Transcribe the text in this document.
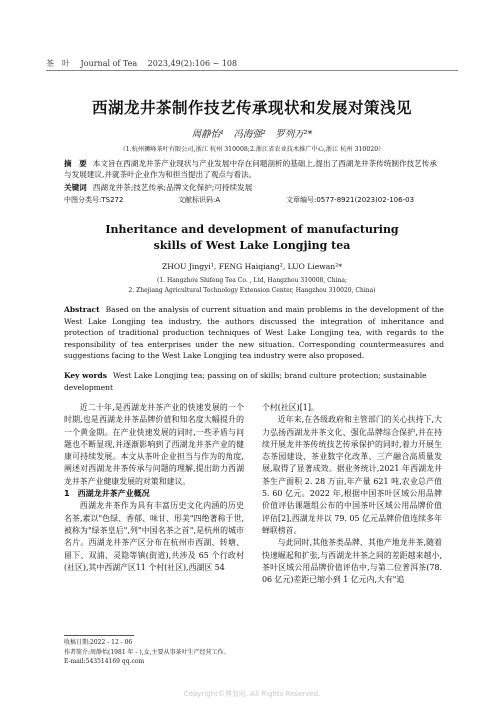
茶　叶 Journal of Tea 2023,49(2):106 ~ 108
西湖龙井茶制作技艺传承现状和发展对策浅见
周静怡¹　冯海强²　罗列万²*
（1.杭州狮峰茶叶有限公司,浙江 杭州 310008;2.浙江省农业技术推广中心,浙江 杭州 310020）
摘　要 本文旨在西湖龙井茶产业现状与产业发展中存在问题剖析的基础上,提出了西湖龙井茶传统制作技艺传承与发展建议,并就茶叶企业作为和担当提出了观点与看法。
关键词 西湖龙井茶;技艺传承;品牌文化保护;可持续发展
中图分类号:TS272	文献标识码:A	文章编号:0577-8921(2023)02-106-03
Inheritance and development of manufacturing
skills of West Lake Longjing tea
ZHOU Jingyi¹, FENG Haiqiang², LUO Liewan²*
(1. Hangzhou Shifeng Tea Co. , Ltd, Hangzhou 310008, China;
2. Zhejiang Agricultural Technology Extension Center, Hangzhou 310020, China)
Abstract Based on the analysis of current situation and main problems in the development of the West Lake Longjing tea industry, the authors discussed the integration of inheritance and protection of traditional production techniques of West Lake Longjing tea, with regards to the responsibility of tea enterprises under the new situation. Corresponding countermeasures and suggestions facing to the West Lake Longjing tea industry were also proposed.
Key words West Lake Longjing tea; passing on of skills; brand culture protection; sustainable development

近二十年,是西湖龙井茶产业的快速发展的一个时期,也是西湖龙井茶品牌价值和知名度大幅提升的一个黄金期。在产业快速发展的同时,一些矛盾与问题也不断显现,并逐渐影响到了西湖龙井茶产业的健康可持续发展。本文从茶叶企业担当与作为的角度,阐述对西湖龙井茶传承与问题的理解,提出助力西湖龙井茶产业健康发展的对策和建议。

1　西湖龙井茶产业概况

西湖龙井茶作为具有丰富历史文化内涵的历史名茶,素以"色绿、香郁、味甘、形美"四绝著称于世,被称为"绿茶皇后",列"中国名茶之首",是杭州的城市名片。西湖龙井茶产区分布在杭州市西湖、转塘、留下、双浦、灵隐等镇(街道),共涉及 65 个行政村(社区),其中西湖产区11 个村(社区),西湖区 54

个村(社区)[1]。

近年来,在各级政府和主管部门的关心扶持下,大力弘扬西湖龙井茶文化、强化品牌综合保护,并在持续开展龙井茶传统技艺传承保护的同时,着力开展生态茶园建设、茶业数字化改革、三产融合高质量发展,取得了显著成效。据业务统计,2021 年西湖龙井茶生产面积 2. 28 万亩,年产量 621 吨,农业总产值 5. 60 亿元。2022 年,根据中国茶叶区域公用品牌价值评估课题组公布的中国茶叶区域公用品牌价值评估[2],西湖龙井以 79. 05 亿元品牌价值连续多年蝉联榜首。

与此同时,其他茶类品牌、其他产地龙井茶,随着快速崛起和扩张,与西湖龙井茶之间的差距越来越小,茶叶区域公用品牌价值评估中,与第二位普洱茶(78. 06 亿元)差距已缩小到 1 亿元内,大有"追

收稿日期:2022 - 12 - 06
作者简介:周静怡(1981 年 - ),女,主要从事茶叶生产经营工作。
E-mail:543514169 qq.com
Copyright©博看网. All Rights Reserved.
